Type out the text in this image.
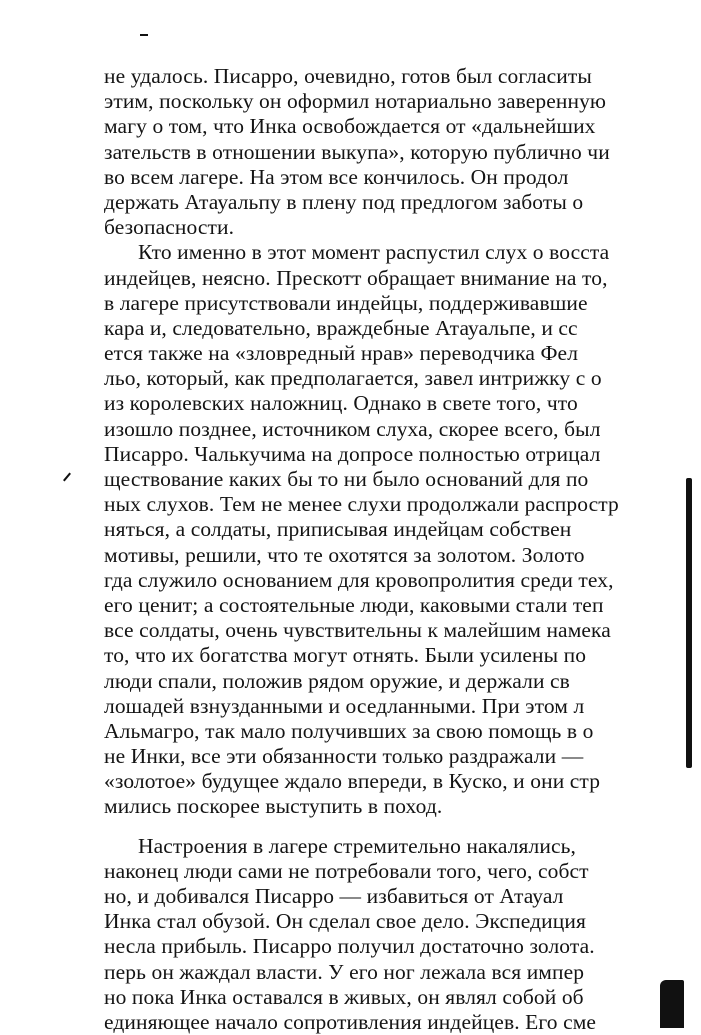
не удалось. Писарро, очевидно, готов был согласиты
этим, поскольку он оформил нотариально заверенную
магу о том, что Инка освобождается от «дальнейших
зательств в отношении выкупа», которую публично чи
во всем лагере. На этом все кончилось. Он продол
держать Атауальпу в плену под предлогом заботы о
безопасности.
Кто именно в этот момент распустил слух о восста
индейцев, неясно. Прескотт обращает внимание на то,
в лагере присутствовали индейцы, поддерживавшие
кара и, следовательно, враждебные Атауальпе, и сс
ется также на «зловредный нрав» переводчика Фел
льо, который, как предполагается, завел интрижку с о
из королевских наложниц. Однако в свете того, что
изошло позднее, источником слуха, скорее всего, был
Писарро. Чалькучима на допросе полностью отрицал
ществование каких бы то ни было оснований для по
ных слухов. Тем не менее слухи продолжали распростр
няться, а солдаты, приписывая индейцам собствен
мотивы, решили, что те охотятся за золотом. Золото
гда служило основанием для кровопролития среди тех,
его ценит; а состоятельные люди, каковыми стали теп
все солдаты, очень чувствительны к малейшим намека
то, что их богатства могут отнять. Были усилены по
люди спали, положив рядом оружие, и держали св
лошадей взнузданными и оседланными. При этом л
Альмагро, так мало получивших за свою помощь в о
не Инки, все эти обязанности только раздражали —
«золотое» будущее ждало впереди, в Куско, и они стр
мились поскорее выступить в поход.
Настроения в лагере стремительно накалялись,
наконец люди сами не потребовали того, чего, собст
но, и добивался Писарро — избавиться от Атауал
Инка стал обузой. Он сделал свое дело. Экспедиция
несла прибыль. Писарро получил достаточно золота.
перь он жаждал власти. У его ног лежала вся импер
но пока Инка оставался в живых, он являл собой об
единяющее начало сопротивления индейцев. Его сме
